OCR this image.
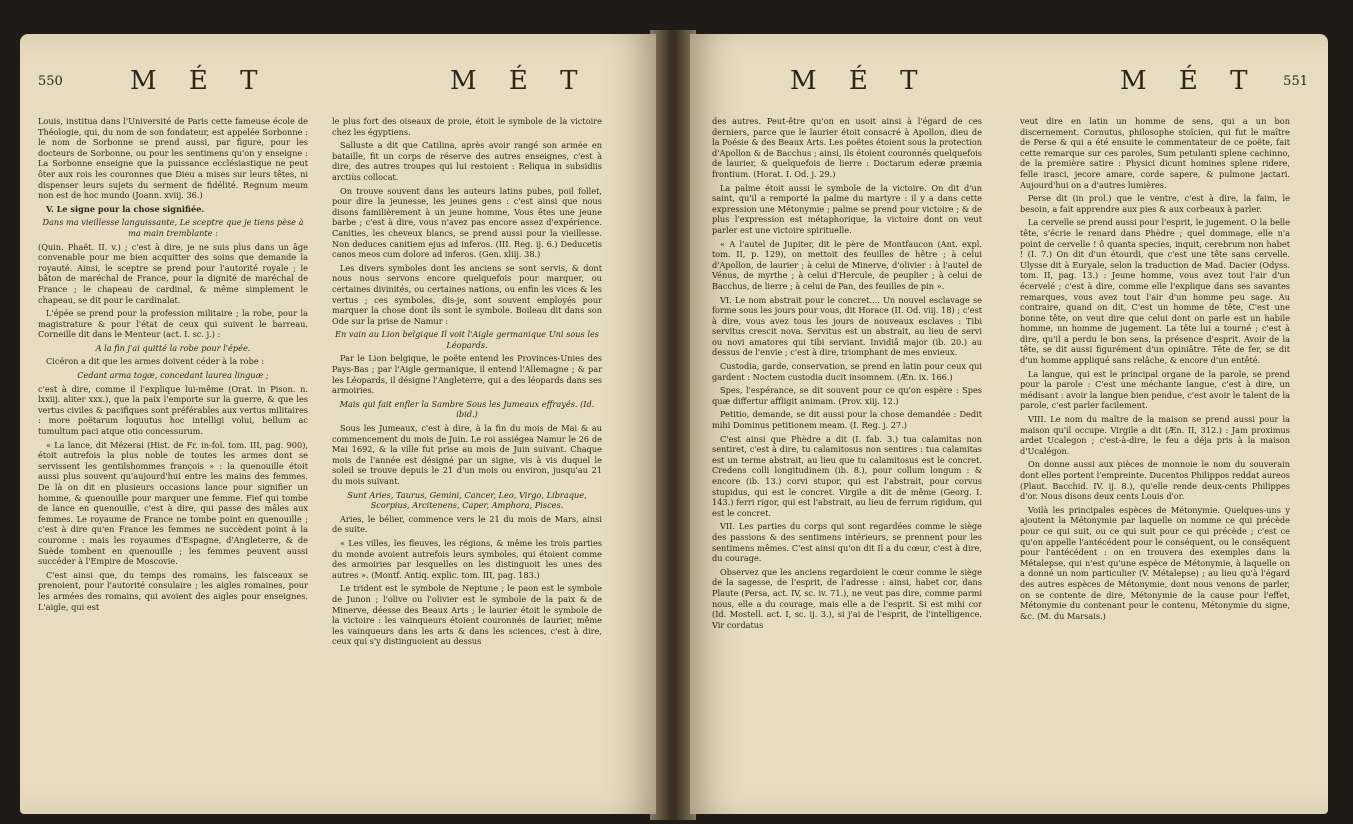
550	M É T	M É T

Louis, institua dans l'Université de Paris cette fameuse école de Théologie, qui, du nom de son fondateur, est appelée Sorbonne : le nom de Sorbonne se prend aussi, par figure, pour les docteurs de Sorbonne, ou pour les sentimens qu'on y enseigne : La Sorbonne enseigne que la puissance ecclésiastique ne peut ôter aux rois les couronnes que Dieu a mises sur leurs têtes, ni dispenser leurs sujets du serment de fidélité. Regnum meum non est de hoc mundo (Joann. xviij. 36.)

V. Le signe pour la chose signifiée.

Dans ma vieillesse languissante, Le sceptre que je tiens pèse à ma main tremblante :

(Quin. Phaët. II. v.) ; c'est à dire, je ne suis plus dans un âge convenable pour me bien acquitter des soins que demande la royauté. Ainsi, le sceptre se prend pour l'autorité royale ; le bâton de maréchal de France, pour la dignité de maréchal de France ; le chapeau de cardinal, & même simplement le chapeau, se dit pour le cardinalat.

L'épée se prend pour la profession militaire ; la robe, pour la magistrature & pour l'état de ceux qui suivent le barreau. Corneille dit dans le Menteur (act. I. sc. j.) :

A la fin j'ai quitté la robe pour l'épée.

Cicéron a dit que les armes doivent céder à la robe :

Cedant arma togæ, concedant laurea linguæ ;

c'est à dire, comme il l'explique lui-même (Orat. in Pison. n. lxxiij. aliter xxx.), que la paix l'emporte sur la guerre, & que les vertus civiles & pacifiques sont préférables aux vertus militaires : more poëtarum loquutus hoc intelligi volui, bellum ac tumultum paci atque otio concessurum.

« La lance, dit Mézerai (Hist. de Fr. in-fol. tom. III, pag. 900), étoit autrefois la plus noble de toutes les armes dont se servissent les gentilshommes françois » : la quenouille étoit aussi plus souvent qu'aujourd'hui entre les mains des femmes. De là on dit en plusieurs occasions lance pour signifier un homme, & quenouille pour marquer une femme. Fief qui tombe de lance en quenouille, c'est à dire, qui passe des mâles aux femmes. Le royaume de France ne tombe point en quenouille ; c'est à dire qu'en France les femmes ne succèdent point à la couronne : mais les royaumes d'Espagne, d'Angleterre, & de Suède tombent en quenouille ; les femmes peuvent aussi succéder à l'Empire de Moscovie.

C'est ainsi que, du temps des romains, les faisceaux se prenoient, pour l'autorité consulaire ; les aigles romaines, pour les armées des romains, qui avoient des aigles pour enseignes. L'aigle, qui est

le plus fort des oiseaux de proie, étoit le symbole de la victoire chez les égyptiens.

Salluste a dit que Catilina, après avoir rangé son armée en bataille, fit un corps de réserve des autres enseignes, c'est à dire, des autres troupes qui lui restoient : Reliqua in subsidiis arctiùs collocat.

On trouve souvent dans les auteurs latins pubes, poil follet, pour dire la jeunesse, les jeunes gens : c'est ainsi que nous disons familièrement à un jeune homme, Vous êtes une jeune barbe ; c'est à dire, vous n'avez pas encore assez d'expérience. Canities, les cheveux blancs, se prend aussi pour la vieillesse. Non deduces canitiem ejus ad inferos. (III. Reg. ij. 6.) Deducetis canos meos cum dolore ad inferos. (Gen. xliij. 38.)

Les divers symboles dont les anciens se sont servis, & dont nous nous servons encore quelquefois pour marquer, ou certaines divinités, ou certaines nations, ou enfin les vices & les vertus ; ces symboles, dis-je, sont souvent employés pour marquer la chose dont ils sont le symbole. Boileau dit dans son Ode sur la prise de Namur :

En vain au Lion belgique Il voit l'Aigle germanique Uni sous les Léopards.

Par le Lion belgique, le poëte entend les Provinces-Unies des Pays-Bas ; par l'Aigle germanique, il entend l'Allemagne ; & par les Léopards, il désigne l'Angleterre, qui a des léopards dans ses armoiries.

Mais qui fait enfler la Sambre Sous les Jumeaux effrayés. (Id. ibid.)

Sous les Jumeaux, c'est à dire, à la fin du mois de Mai & au commencement du mois de Juin. Le roi assiégea Namur le 26 de Mai 1692, & la ville fut prise au mois de Juin suivant. Chaque mois de l'année est désigné par un signe, vis à vis duquel le soleil se trouve depuis le 21 d'un mois ou environ, jusqu'au 21 du mois suivant.

Sunt Aries, Taurus, Gemini, Cancer, Leo, Virgo, Libraque, Scorpius, Arcitenens, Caper, Amphora, Pisces.

Aries, le bélier, commence vers le 21 du mois de Mars, ainsi de suite.

« Les villes, les fleuves, les régions, & même les trois parties du monde avoient autrefois leurs symboles, qui étoient comme des armoiries par lesquelles on les distinguoit les unes des autres ». (Montf. Antiq. explic. tom. III, pag. 183.)

Le trident est le symbole de Neptune ; le paon est le symbole de Junon ; l'olive ou l'olivier est le symbole de la paix & de Minerve, déesse des Beaux Arts ; le laurier étoit le symbole de la victoire : les vainqueurs étoient couronnés de laurier, même les vainqueurs dans les arts & dans les sciences, c'est à dire, ceux qui s'y distinguoient au dessus

M É T	M É T 551

des autres. Peut-être qu'on en usoit ainsi à l'égard de ces derniers, parce que le laurier étoit consacré à Apollon, dieu de la Poésie & des Beaux Arts. Les poëtes étoient sous la protection d'Apollon & de Bacchus ; ainsi, ils étoient couronnés quelquefois de laurier, & quelquefois de lierre : Doctarum ederæ præmia frontium. (Horat. I. Od. j. 29.)

La palme étoit aussi le symbole de la victoire. On dit d'un saint, qu'il a remporté la palme du martyre : il y a dans cette expression une Métonymie ; palme se prend pour victoire ; & de plus l'expression est métaphorique, la victoire dont on veut parler est une victoire spirituelle.

« A l'autel de Jupiter, dit le père de Montfaucon (Ant. expl. tom. II, p. 129), on mettoit des feuilles de hêtre ; à celui d'Apollon, de laurier ; à celui de Minerve, d'olivier : à l'autel de Vénus, de myrthe ; à celui d'Hercule, de peuplier ; à celui de Bacchus, de lierre ; à celui de Pan, des feuilles de pin ».

VI. Le nom abstrait pour le concret.... Un nouvel esclavage se forme sous les jours pour vous, dit Horace (II. Od. viij. 18) ; c'est à dire, vous avez tous les jours de nouveaux esclaves : Tibi servitus crescit nova. Servitus est un abstrait, au lieu de servi ou novi amatores qui tibi serviant. Invidiâ major (ib. 20.) au dessus de l'envie ; c'est à dire, triomphant de mes envieux.

Custodia, garde, conservation, se prend en latin pour ceux qui gardent : Noctem custodia ducit insomnem. (Æn. ix. 166.)

Spes, l'espérance, se dit souvent pour ce qu'on espère : Spes quæ differtur affligit animam. (Prov. xiij. 12.)

Petitio, demande, se dit aussi pour la chose demandée : Dedit mihi Dominus petitionem meam. (I. Reg. j. 27.)

C'est ainsi que Phèdre a dit (I. fab. 3.) tua calamitas non sentiret, c'est à dire, tu calamitosus non sentires : tua calamitas est un terme abstrait, au lieu que tu calamitosus est le concret. Credens colli longitudinem (ib. 8.), pour collum longum : & encore (ib. 13.) corvi stupor, qui est l'abstrait, pour corvus stupidus, qui est le concret. Virgile a dit de même (Georg. I. 143.) ferri rigor, qui est l'abstrait, au lieu de ferrum rigidum, qui est le concret.

VII. Les parties du corps qui sont regardées comme le siège des passions & des sentimens intérieurs, se prennent pour les sentimens mêmes. C'est ainsi qu'on dit Il a du cœur, c'est à dire, du courage.

Observez que les anciens regardoient le cœur comme le siège de la sagesse, de l'esprit, de l'adresse : ainsi, habet cor, dans Plaute (Persa, act. IV, sc. iv. 71.), ne veut pas dire, comme parmi nous, elle a du courage, mais elle a de l'esprit. Si est mihi cor (Id. Mostell. act. I, sc. ij. 3.), si j'ai de l'esprit, de l'intelligence. Vir cordatus

veut dire en latin un homme de sens, qui a un bon discernement. Cornutus, philosophe stoïcien, qui fut le maître de Perse & qui a été ensuite le commentateur de ce poëte, fait cette remarque sur ces paroles, Sum petulanti splene cachinno, de la première satire : Physici dicunt homines splene ridere, felle irasci, jecore amare, corde sapere, & pulmone jactari. Aujourd'hui on a d'autres lumières.

Perse dit (in prol.) que le ventre, c'est à dire, la faim, le besoin, a fait apprendre aux pies & aux corbeaux à parler.

La cervelle se prend aussi pour l'esprit, le jugement. O la belle tête, s'écrie le renard dans Phèdre ; quel dommage, elle n'a point de cervelle ! ô quanta species, inquit, cerebrum non habet ! (I. 7.) On dit d'un étourdi, que c'est une tête sans cervelle. Ulysse dit à Euryale, selon la traduction de Mad. Dacier (Odyss. tom. II, pag. 13.) : Jeune homme, vous avez tout l'air d'un écervelé ; c'est à dire, comme elle l'explique dans ses savantes remarques, vous avez tout l'air d'un homme peu sage. Au contraire, quand on dit, C'est un homme de tête, C'est une bonne tête, on veut dire que celui dont on parle est un habile homme, un homme de jugement. La tête lui a tourné ; c'est à dire, qu'il a perdu le bon sens, la présence d'esprit. Avoir de la tête, se dit aussi figurément d'un opiniâtre. Tête de fer, se dit d'un homme appliqué sans relâche, & encore d'un entêté.

La langue, qui est le principal organe de la parole, se prend pour la parole : C'est une méchante langue, c'est à dire, un médisant : avoir la langue bien pendue, c'est avoir le talent de la parole, c'est parler facilement.

VIII. Le nom du maître de la maison se prend aussi pour la maison qu'il occupe. Virgile a dit (Æn. II, 312.) : Jam proximus ardet Ucalegon ; c'est-à-dire, le feu a déja pris à la maison d'Ucalégon.

On donne aussi aux pièces de monnoie le nom du souverain dont elles portent l'empreinte. Ducentos Philippos reddat aureos (Plaut. Bacchid. IV. ij. 8.), qu'elle rende deux-cents Philippes d'or. Nous disons deux cents Louis d'or.

Voilà les principales espèces de Métonymie. Quelques-uns y ajoutent la Métonymie par laquelle on nomme ce qui précède pour ce qui suit, ou ce qui suit pour ce qui précède ; c'est ce qu'on appelle l'antécédent pour le conséquent, ou le conséquent pour l'antécédent : on en trouvera des exemples dans la Métalepse, qui n'est qu'une espèce de Métonymie, à laquelle on a donné un nom particulier (V. Métalepse) ; au lieu qu'à l'égard des autres espèces de Métonymie, dont nous venons de parler, on se contente de dire, Métonymie de la cause pour l'effet, Métonymie du contenant pour le contenu, Métonymie du signe, &c. (M. du Marsais.)
